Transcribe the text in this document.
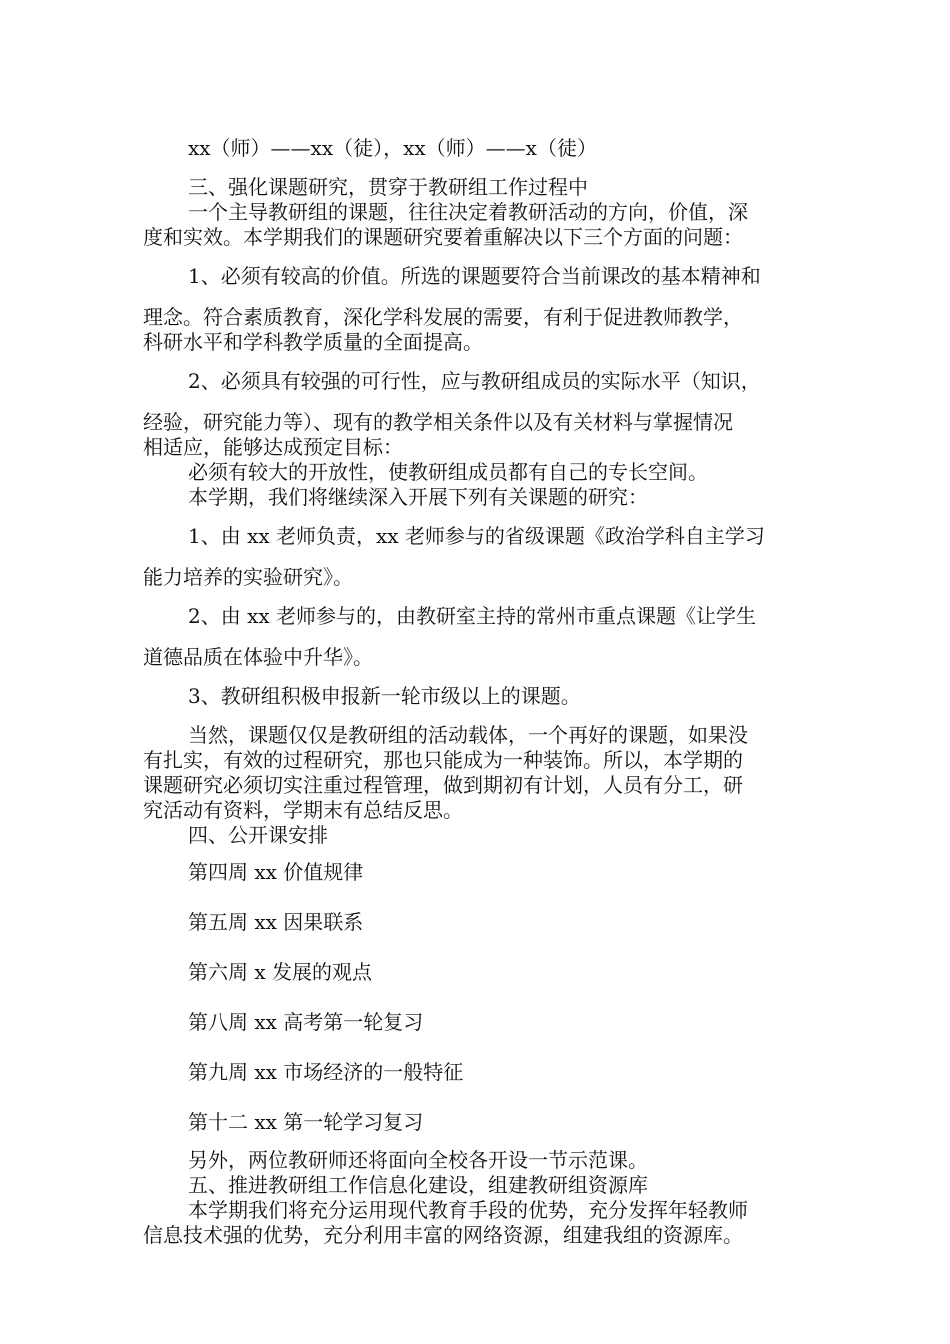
xx（师）——xx（徒），xx（师）——x（徒）

三、强化课题研究，贯穿于教研组工作过程中

一个主导教研组的课题，往往决定着教研活动的方向，价值，深

度和实效。本学期我们的课题研究要着重解决以下三个方面的问题：

1、必须有较高的价值。所选的课题要符合当前课改的基本精神和

理念。符合素质教育，深化学科发展的需要，有利于促进教师教学，

科研水平和学科教学质量的全面提高。

2、必须具有较强的可行性，应与教研组成员的实际水平（知识，

经验，研究能力等）、现有的教学相关条件以及有关材料与掌握情况

相适应，能够达成预定目标：

必须有较大的开放性，使教研组成员都有自己的专长空间。

本学期，我们将继续深入开展下列有关课题的研究：

1、由 xx 老师负责，xx 老师参与的省级课题《政治学科自主学习

能力培养的实验研究》。

2、由 xx 老师参与的，由教研室主持的常州市重点课题《让学生

道德品质在体验中升华》。

3、教研组积极申报新一轮市级以上的课题。

当然，课题仅仅是教研组的活动载体，一个再好的课题，如果没

有扎实，有效的过程研究，那也只能成为一种装饰。所以，本学期的

课题研究必须切实注重过程管理，做到期初有计划，人员有分工，研

究活动有资料，学期末有总结反思。

四、公开课安排

第四周 xx 价值规律

第五周 xx 因果联系

第六周 x 发展的观点

第八周 xx 高考第一轮复习

第九周 xx 市场经济的一般特征

第十二 xx 第一轮学习复习

另外，两位教研师还将面向全校各开设一节示范课。

五、推进教研组工作信息化建设，组建教研组资源库

本学期我们将充分运用现代教育手段的优势，充分发挥年轻教师

信息技术强的优势，充分利用丰富的网络资源，组建我组的资源库。
